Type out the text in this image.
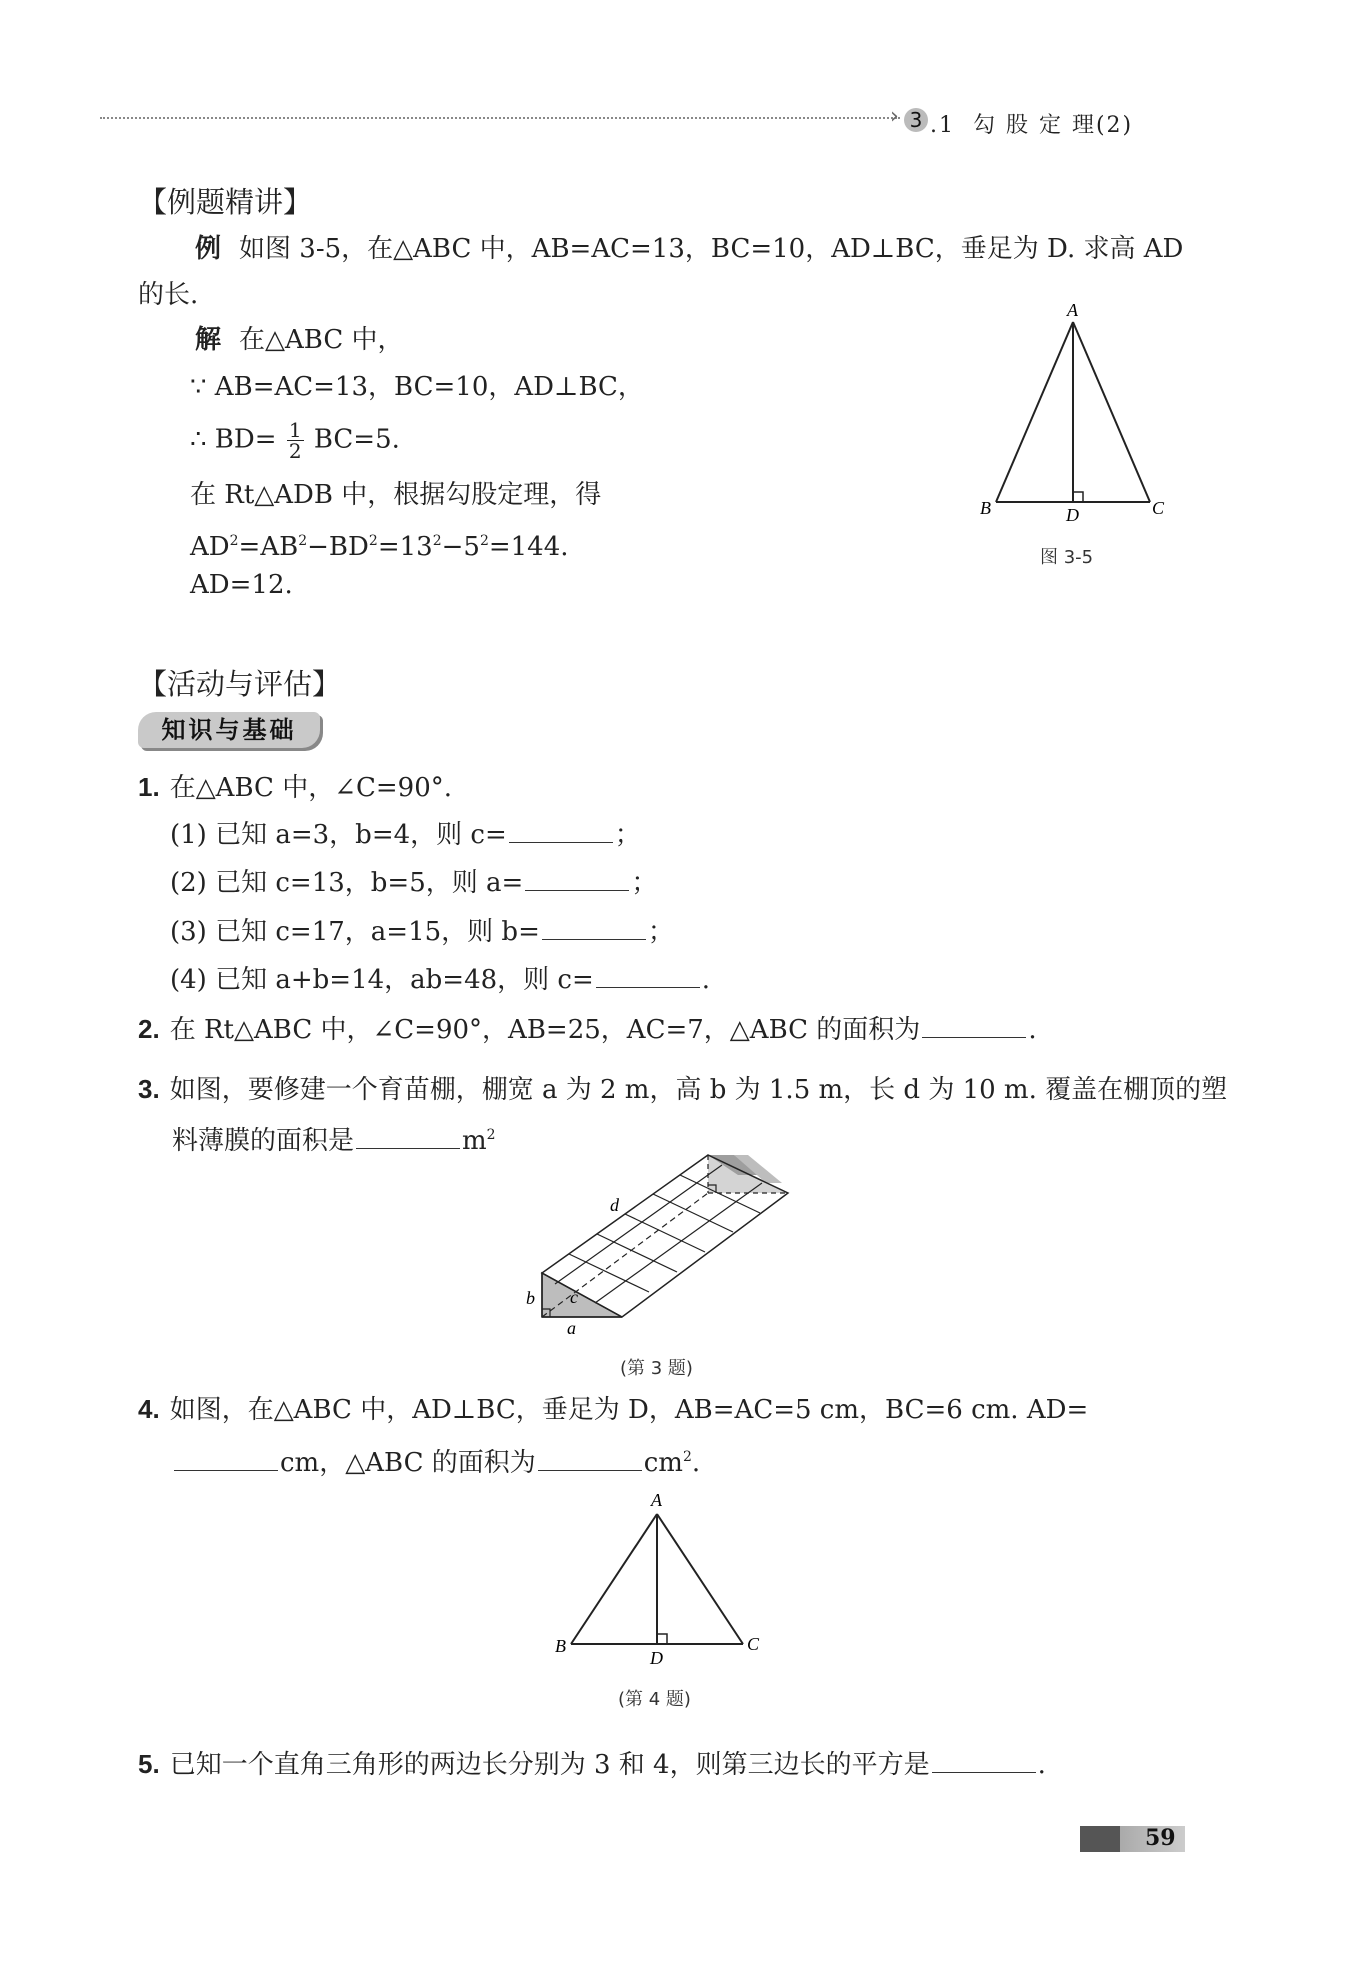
› 3 .1  勾 股 定 理(2)
【例题精讲】
例 如图 3-5，在△ABC 中，AB=AC=13，BC=10，AD⊥BC，垂足为 D. 求高 AD
的长.
解 在△ABC 中，
∵ AB=AC=13，BC=10，AD⊥BC，
∴ $BD= \frac{1}{2} BC=5$.
在 Rt△ADB 中，根据勾股定理，得
$AD^2=AB^2-BD^2=13^2-5^2=144$.
AD=12.
A
B	C
D
图 3-5
【活动与评估】
知识与基础
1. 在△ABC 中，∠C=90°.
(1) 已知 a=3，b=4，则 c=	；
(2) 已知 c=13，b=5，则 a=	；
(3) 已知 c=17，a=15，则 b=	；
(4) 已知 a+b=14，ab=48，则 c=	.
2. 在 Rt△ABC 中，∠C=90°，AB=25，AC=7，△ABC 的面积为	.
3. 如图，要修建一个育苗棚，棚宽 a 为 2 m，高 b 为 1.5 m，长 d 为 10 m. 覆盖在棚顶的塑
料薄膜的面积是	$m^2$
d
b c
a
(第 3 题)
4. 如图，在△ABC 中，AD⊥BC，垂足为 D，AB=AC=5 cm，BC=6 cm. AD=
cm，△ABC 的面积为	$cm^2$.
A
B	C
D
(第 4 题)
5. 已知一个直角三角形的两边长分别为 3 和 4，则第三边长的平方是	.
59
